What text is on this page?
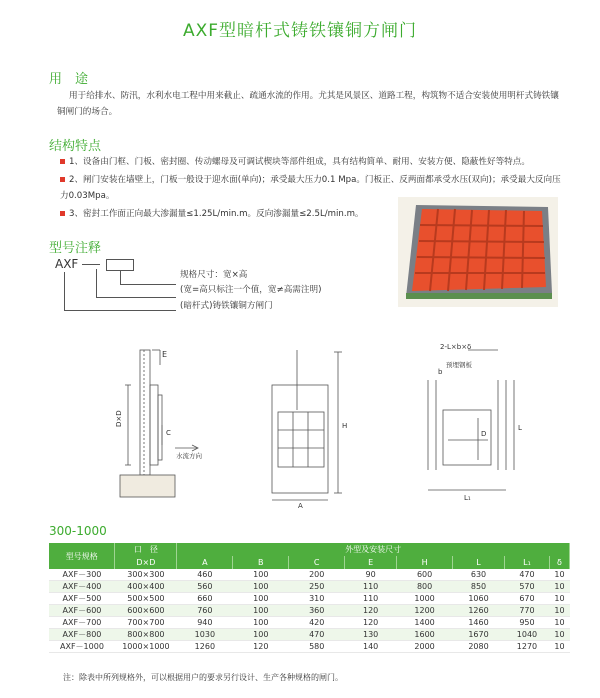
AXF型暗杆式铸铁镶铜方闸门
用　途
用于给排水、防汛，水利水电工程中用来截止、疏通水流的作用。尤其是风景区、道路工程，构筑物不适合安装使用明杆式铸铁镶铜闸门的场合。
结构特点
1、设备由门框、门板、密封圈、传动螺母及可调试楔块等部件组成，具有结构简单、耐用、安装方便、隐蔽性好等特点。
2、闸门安装在墙壁上，门板一般设于迎水面(单向)；承受最大压力0.1 Mpa。门板正、反两面都承受水压(双向)；承受最大反向压力0.03Mpa。
3、密封工作面正向最大渗漏量≤1.25L/min.m。反向渗漏量≤2.5L/min.m。
型号注释
AXF
规格尺寸：宽×高
(宽=高只标注一个值，宽≠高需注明)
(暗杆式)铸铁镶铜方闸门
E
C
D×D
水流方向
H
A
2-L×b×δ
预埋钢板
b
D
L
L₁
300-1000
型号规格	口　径	外型及安装尺寸							
	D×D	A	B	C	E	H	L	L₁	δ
AXF－300	300×300	460	100	200	90	600	630	470	10
AXF－400	400×400	560	100	250	110	800	850	570	10
AXF－500	500×500	660	100	310	110	1000	1060	670	10
AXF－600	600×600	760	100	360	120	1200	1260	770	10
AXF－700	700×700	940	100	420	120	1400	1460	950	10
AXF－800	800×800	1030	100	470	130	1600	1670	1040	10
AXF－1000	1000×1000	1260	120	580	140	2000	2080	1270	10
注：除表中所列规格外，可以根据用户的要求另行设计、生产各种规格的闸门。
